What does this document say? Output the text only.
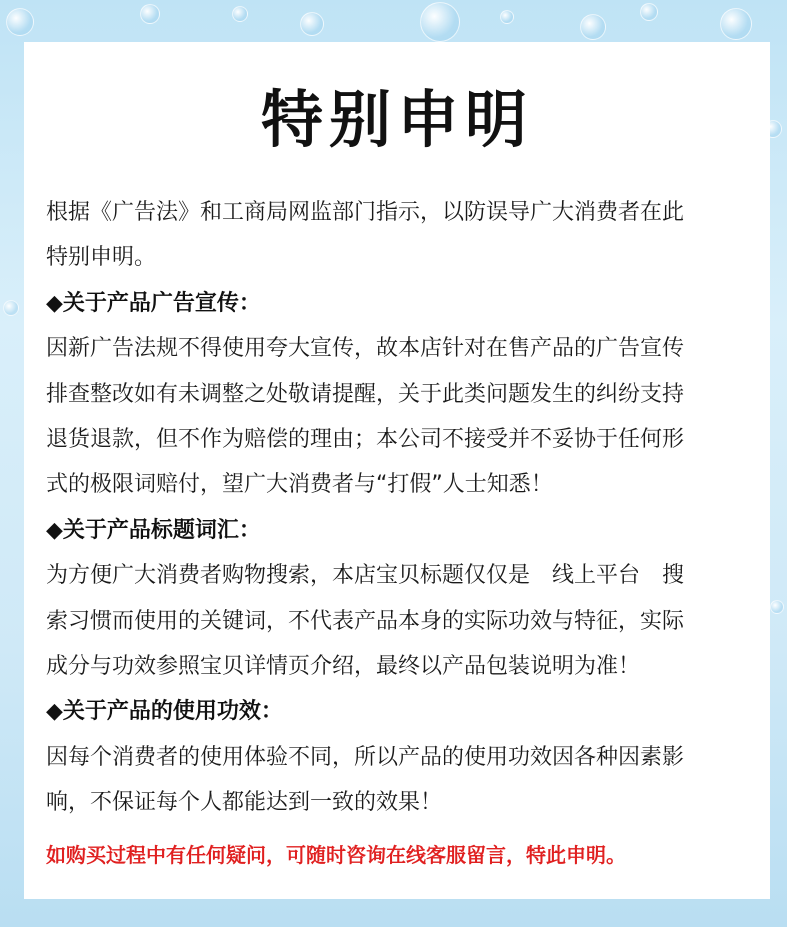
特别申明
根据《广告法》和工商局网监部门指示，以防误导广大消费者在此
特别申明。
◆关于产品广告宣传：
因新广告法规不得使用夸大宣传，故本店针对在售产品的广告宣传
排查整改如有未调整之处敬请提醒，关于此类问题发生的纠纷支持
退货退款，但不作为赔偿的理由；本公司不接受并不妥协于任何形
式的极限词赔付，望广大消费者与“打假”人士知悉！
◆关于产品标题词汇：
为方便广大消费者购物搜索，本店宝贝标题仅仅是　线上平台　搜
索习惯而使用的关键词，不代表产品本身的实际功效与特征，实际
成分与功效参照宝贝详情页介绍，最终以产品包装说明为准！
◆关于产品的使用功效：
因每个消费者的使用体验不同，所以产品的使用功效因各种因素影
响，不保证每个人都能达到一致的效果！
如购买过程中有任何疑问，可随时咨询在线客服留言，特此申明。
